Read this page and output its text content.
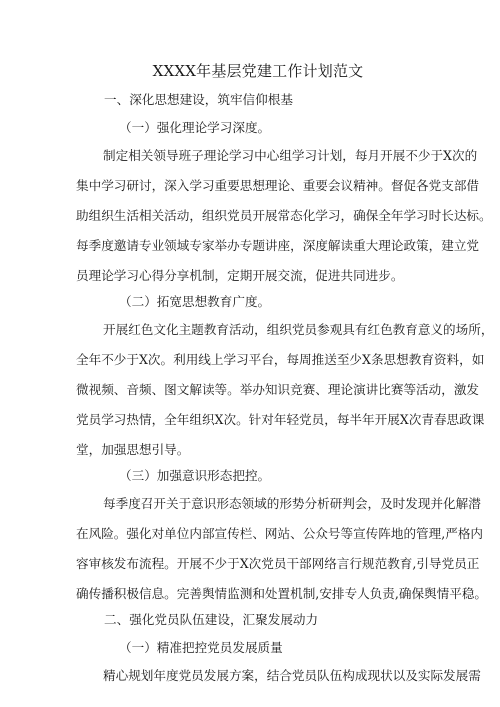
XXXX年基层党建工作计划范文

一、深化思想建设，筑牢信仰根基

（一）强化理论学习深度。

制定相关领导班子理论学习中心组学习计划，每月开展不少于X次的
集中学习研讨，深入学习重要思想理论、重要会议精神。督促各党支部借
助组织生活相关活动，组织党员开展常态化学习，确保全年学习时长达标。
每季度邀请专业领域专家举办专题讲座，深度解读重大理论政策，建立党
员理论学习心得分享机制，定期开展交流，促进共同进步。

（二）拓宽思想教育广度。

开展红色文化主题教育活动，组织党员参观具有红色教育意义的场所，
全年不少于X次。利用线上学习平台，每周推送至少X条思想教育资料，如
微视频、音频、图文解读等。举办知识竞赛、理论演讲比赛等活动，激发
党员学习热情，全年组织X次。针对年轻党员，每半年开展X次青春思政课
堂，加强思想引导。

（三）加强意识形态把控。

每季度召开关于意识形态领域的形势分析研判会，及时发现并化解潜
在风险。强化对单位内部宣传栏、网站、公众号等宣传阵地的管理,严格内
容审核发布流程。开展不少于X次党员干部网络言行规范教育,引导党员正
确传播积极信息。完善舆情监测和处置机制,安排专人负责,确保舆情平稳。

二、强化党员队伍建设，汇聚发展动力

（一）精准把控党员发展质量

精心规划年度党员发展方案，结合党员队伍构成现状以及实际发展需
